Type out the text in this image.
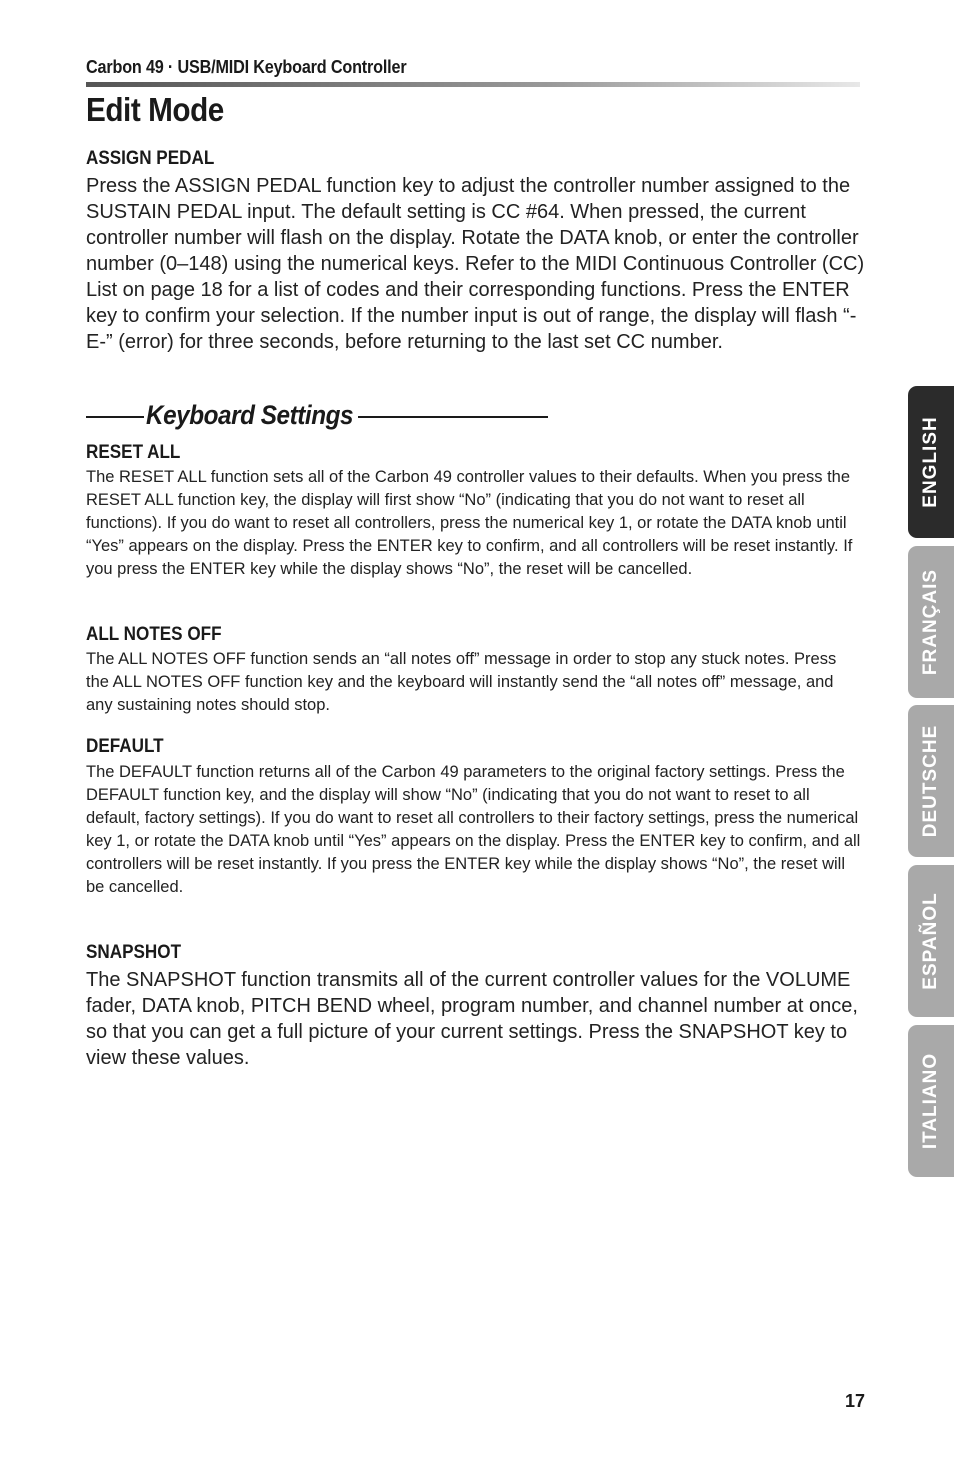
Carbon 49 · USB/MIDI Keyboard Controller
Edit Mode
ASSIGN PEDAL

Press the ASSIGN PEDAL function key to adjust the controller number assigned to the SUSTAIN PEDAL input. The default setting is CC #64. When pressed, the current controller number will flash on the display. Rotate the DATA knob, or enter the controller number (0–148) using the numerical keys. Refer to the MIDI Continuous Controller (CC) List on page 18 for a list of codes and their corresponding functions. Press the ENTER key to confirm your selection. If the number input is out of range, the display will flash “-E-” (error) for three seconds, before returning to the last set CC number.

Keyboard Settings
RESET ALL

The RESET ALL function sets all of the Carbon 49 controller values to their defaults. When you press the RESET ALL function key, the display will first show “No” (indicating that you do not want to reset all functions). If you do want to reset all controllers, press the numerical key 1, or rotate the DATA knob until “Yes” appears on the display. Press the ENTER key to confirm, and all controllers will be reset instantly. If you press the ENTER key while the display shows “No”, the reset will be cancelled.

ALL NOTES OFF

The ALL NOTES OFF function sends an “all notes off” message in order to stop any stuck notes. Press the ALL NOTES OFF function key and the keyboard will instantly send the “all notes off” message, and any sustaining notes should stop.

DEFAULT

The DEFAULT function returns all of the Carbon 49 parameters to the original factory settings. Press the DEFAULT function key, and the display will show “No” (indicating that you do not want to reset to all default, factory settings). If you do want to reset all controllers to their factory settings, press the numerical key 1, or rotate the DATA knob until “Yes” appears on the display. Press the ENTER key to confirm, and all controllers will be reset instantly. If you press the ENTER key while the display shows “No”, the reset will be cancelled.

SNAPSHOT

The SNAPSHOT function transmits all of the current controller values for the VOLUME fader, DATA knob, PITCH BEND wheel, program number, and channel number at once, so that you can get a full picture of your current settings. Press the SNAPSHOT key to view these values.

ENGLISH
FRANÇAIS
DEUTSCHE
ESPAÑOL
ITALIANO
17
